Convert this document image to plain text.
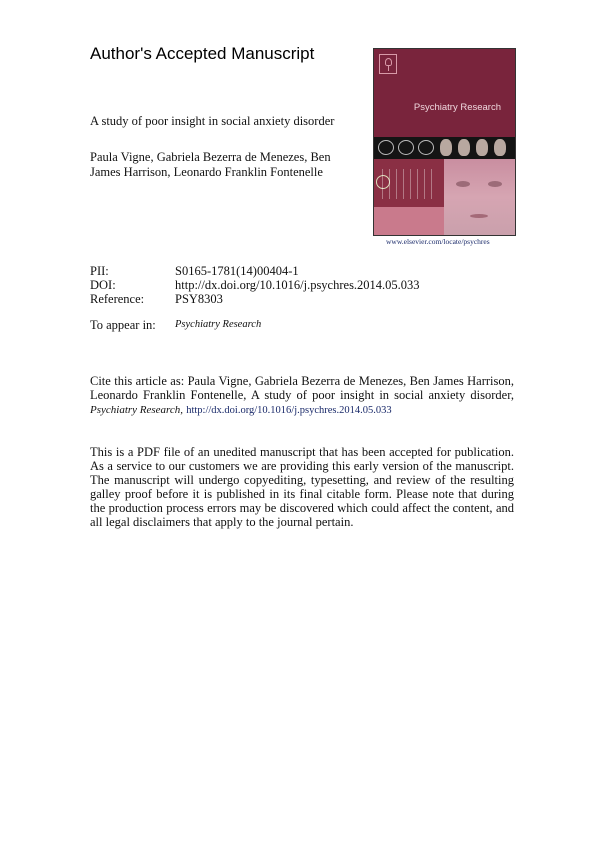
Author's Accepted Manuscript
A study of poor insight in social anxiety disorder
Paula Vigne, Gabriela Bezerra de Menezes, Ben James Harrison, Leonardo Franklin Fontenelle
Psychiatry Research
www.elsevier.com/locate/psychres
PII:	S0165-1781(14)00404-1
DOI:	http://dx.doi.org/10.1016/j.psychres.2014.05.033
Reference: PSY8303
To appear in: Psychiatry Research
Cite this article as: Paula Vigne, Gabriela Bezerra de Menezes, Ben James Harrison, Leonardo Franklin Fontenelle, A study of poor insight in social anxiety disorder, Psychiatry Research, http://dx.doi.org/10.1016/j.psychres.2014.05.033
This is a PDF file of an unedited manuscript that has been accepted for publication. As a service to our customers we are providing this early version of the manuscript. The manuscript will undergo copyediting, typesetting, and review of the resulting galley proof before it is published in its final citable form. Please note that during the production process errors may be discovered which could affect the content, and all legal disclaimers that apply to the journal pertain.
